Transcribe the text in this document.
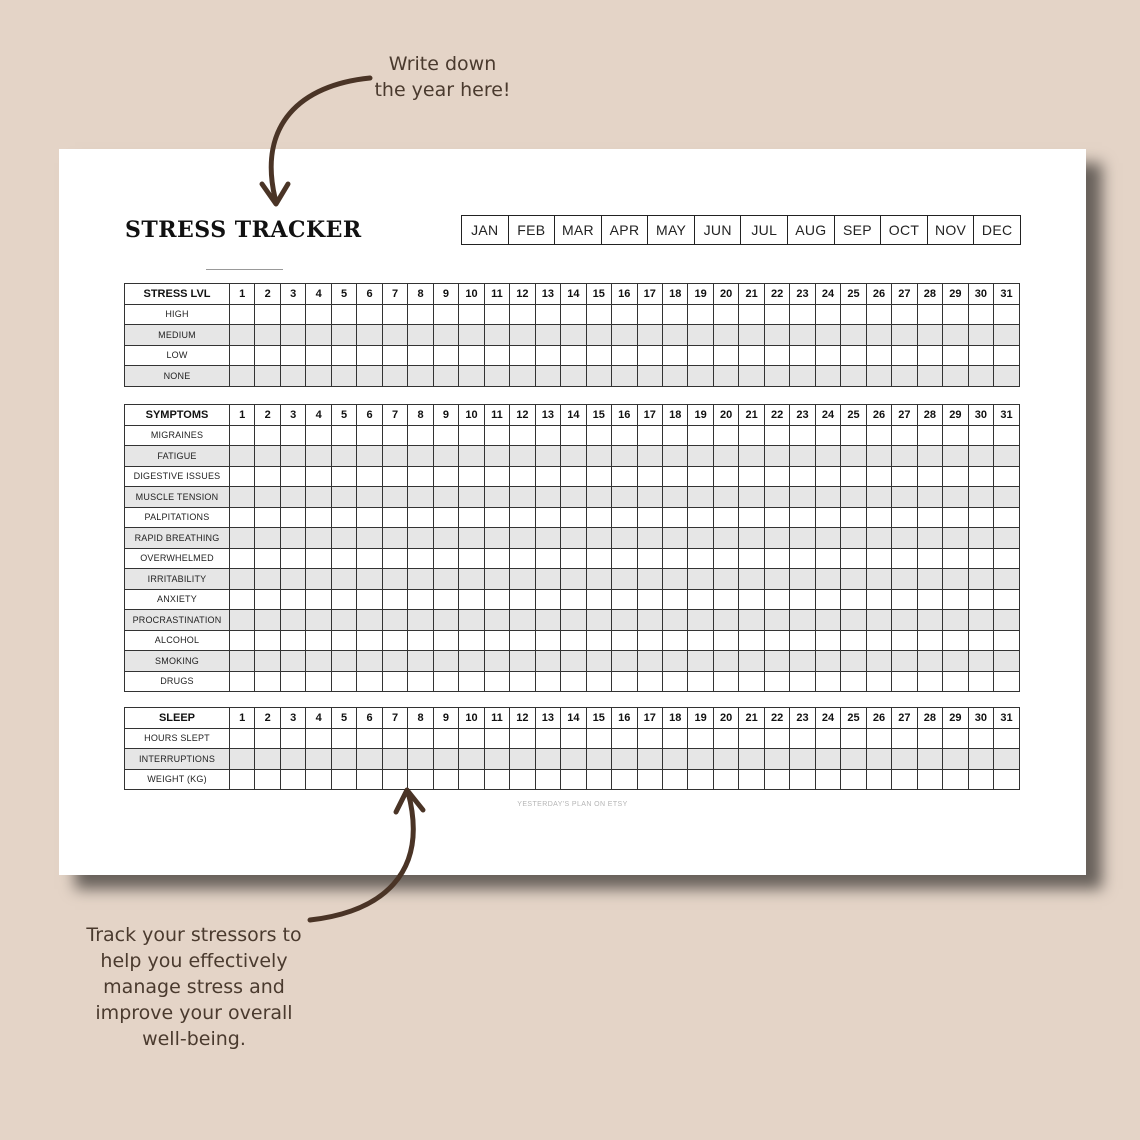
Write down
the year here!

STRESS TRACKER	JAN	FEB	MAR	APR	MAY	JUN	JUL	AUG	SEP	OCT	NOV	DEC
STRESS LVL	1	2	3	4	5	6	7	8	9	10	11	12	13	14	15	16	17	18	19	20	21	22	23	24	25	26	27	28	29	30	31
HIGH																															
MEDIUM																															
LOW																															
NONE																															
SYMPTOMS	1	2	3	4	5	6	7	8	9	10	11	12	13	14	15	16	17	18	19	20	21	22	23	24	25	26	27	28	29	30	31
MIGRAINES																															
FATIGUE																															
DIGESTIVE ISSUES																															
MUSCLE TENSION																															
PALPITATIONS																															
RAPID BREATHING																															
OVERWHELMED																															
IRRITABILITY																															
ANXIETY																															
PROCRASTINATION																															
ALCOHOL																															
SMOKING																															
DRUGS																															
SLEEP	1	2	3	4	5	6	7	8	9	10	11	12	13	14	15	16	17	18	19	20	21	22	23	24	25	26	27	28	29	30	31
HOURS SLEPT																															
INTERRUPTIONS																															
WEIGHT (KG)																															
YESTERDAY'S PLAN ON ETSY

Track your stressors to
help you effectively
manage stress and
improve your overall
well-being.
